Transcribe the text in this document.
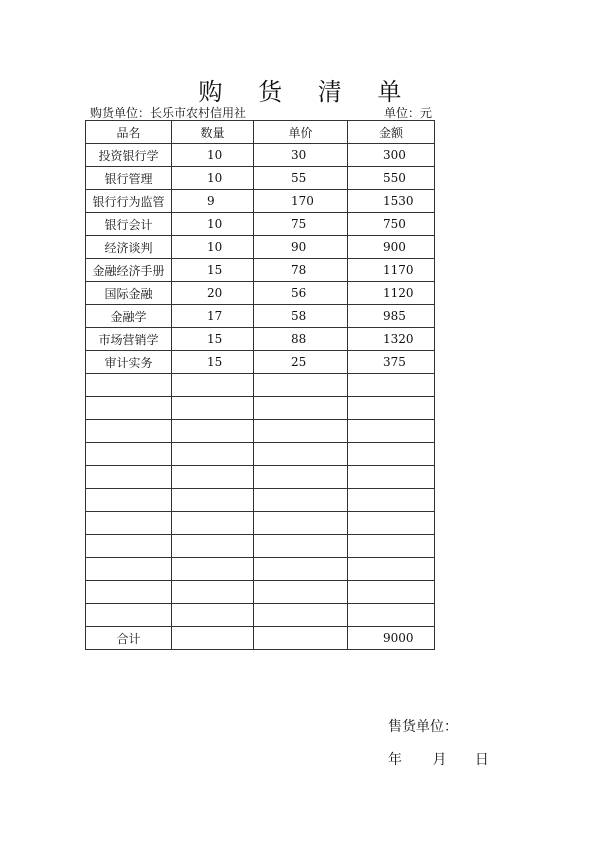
购 货 清 单
购货单位：长乐市农村信用社	单位：元
品名	数量	单价	金额
投资银行学	10	30	300
银行管理	10	55	550
银行行为监管	9	170	1530
银行会计	10	75	750
经济谈判	10	90	900
金融经济手册	15	78	1170
国际金融	20	56	1120
金融学	17	58	985
市场营销学	15	88	1320
审计实务	15	25	375

合计			9000
售货单位：
年 月 日
